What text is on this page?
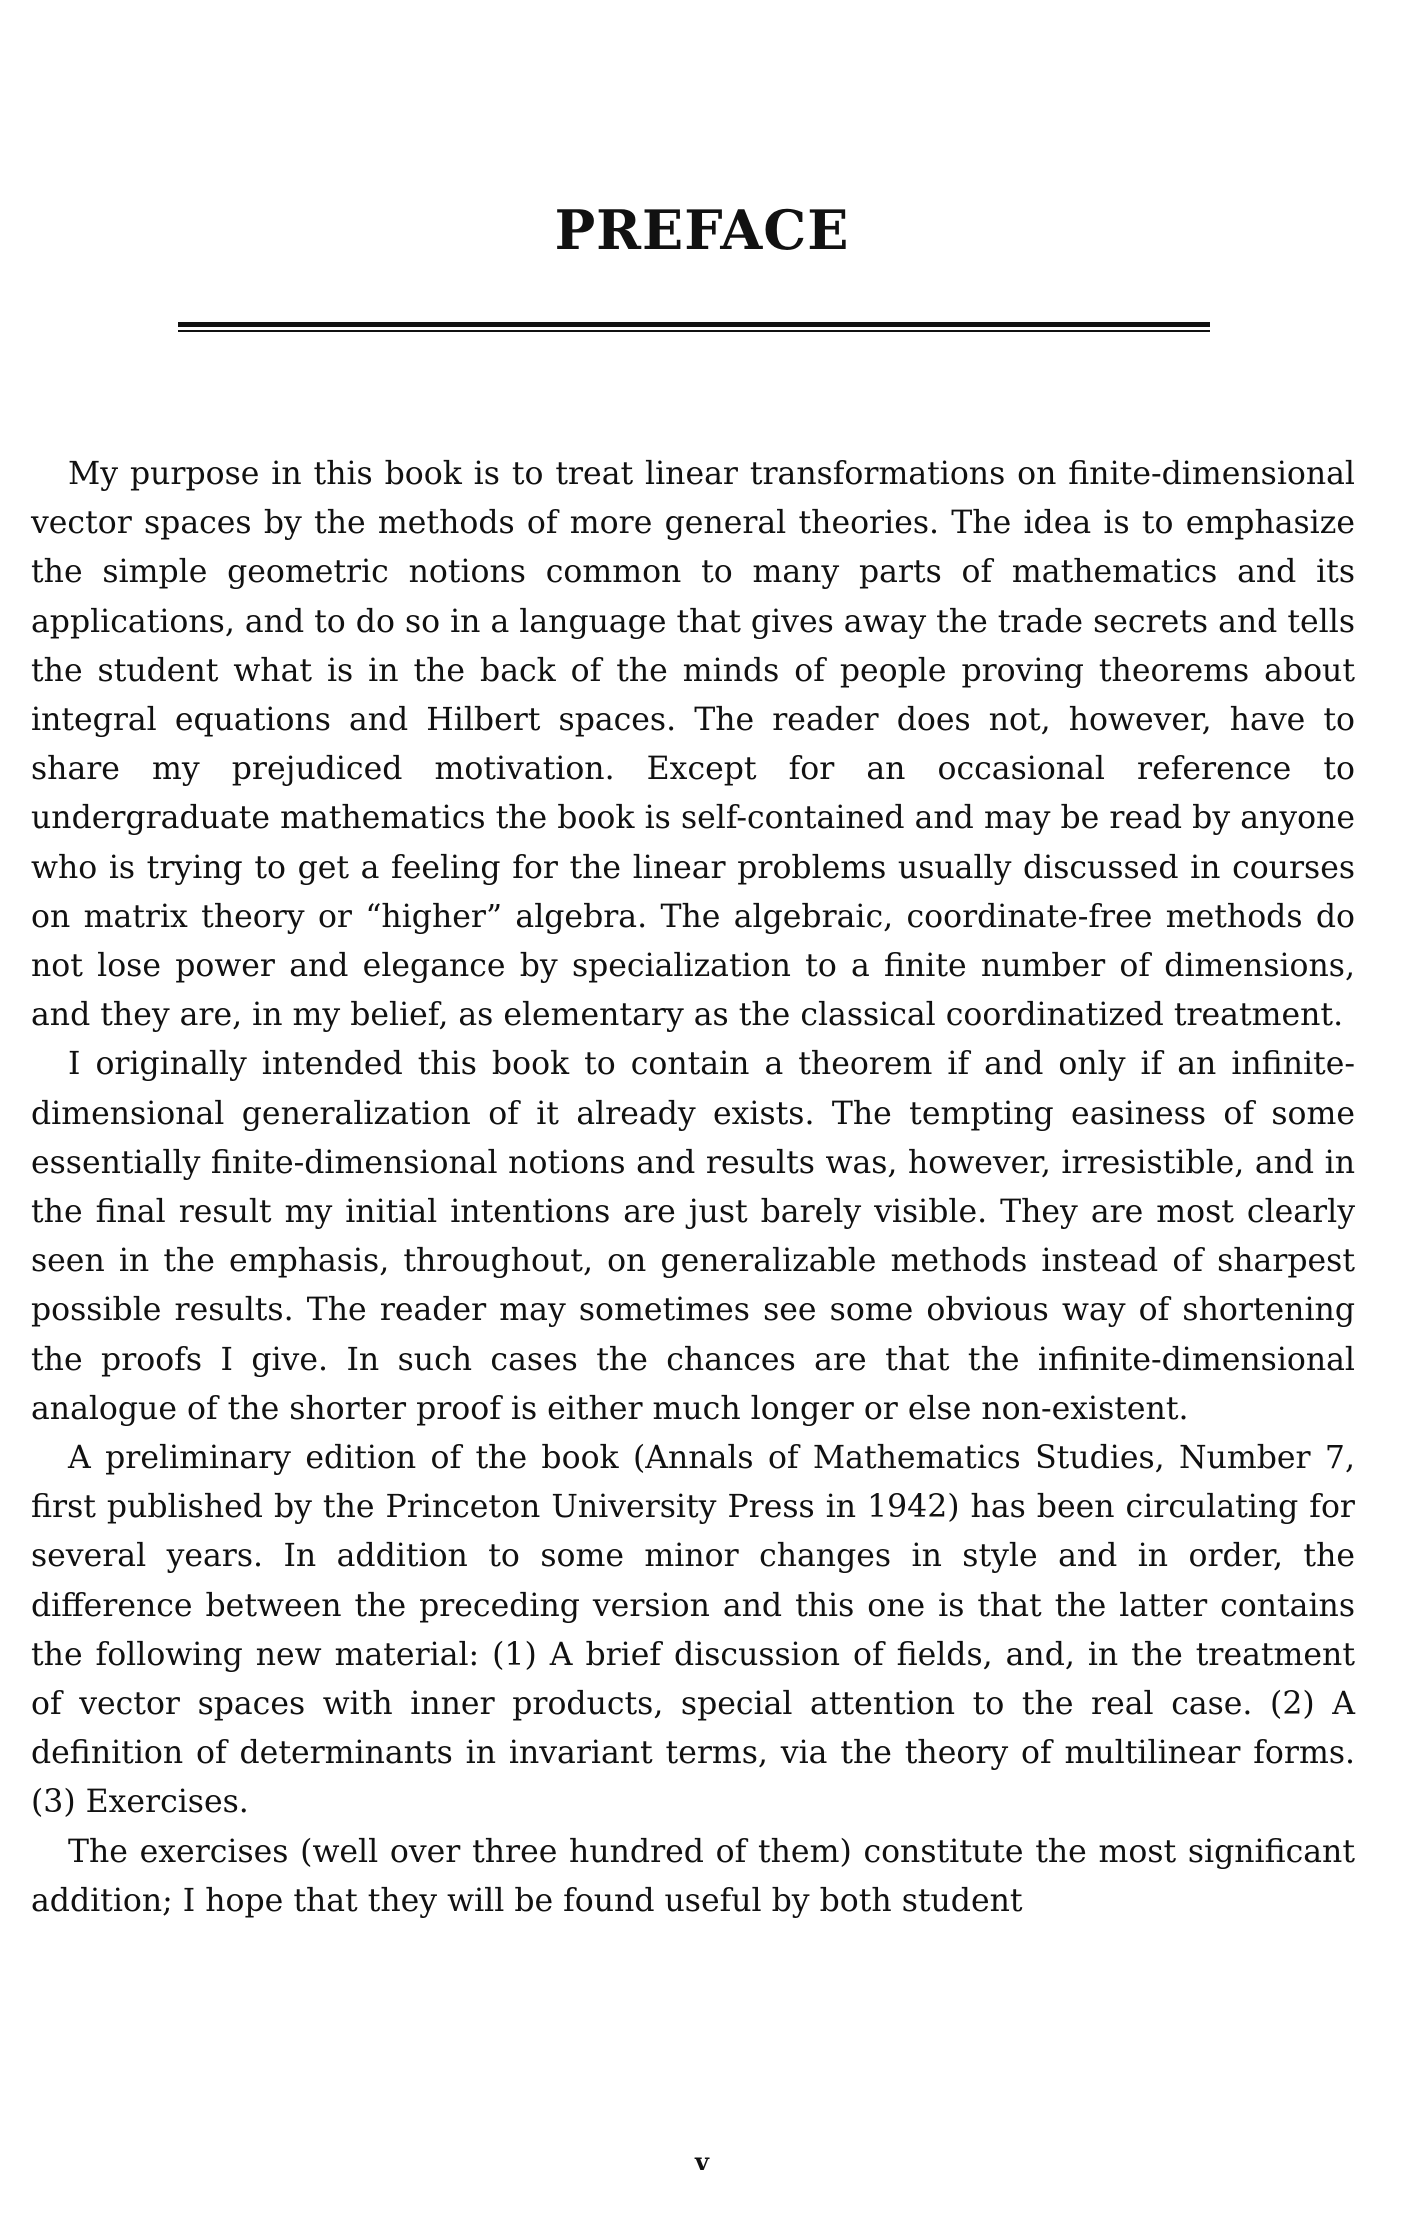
PREFACE

My purpose in this book is to treat linear transformations on finite-dimensional vector spaces by the methods of more general theories. The idea is to emphasize the simple geometric notions common to many parts of mathematics and its applications, and to do so in a language that gives away the trade secrets and tells the student what is in the back of the minds of people proving theorems about integral equations and Hilbert spaces. The reader does not, however, have to share my prejudiced motivation. Except for an occasional reference to undergraduate mathematics the book is self-contained and may be read by anyone who is trying to get a feeling for the linear problems usually discussed in courses on matrix theory or “higher” algebra. The algebraic, coordinate-free methods do not lose power and elegance by specialization to a finite number of dimensions, and they are, in my belief, as elementary as the classical coordinatized treatment.

I originally intended this book to contain a theorem if and only if an infinite-dimensional generalization of it already exists. The tempting easiness of some essentially finite-dimensional notions and results was, however, irresistible, and in the final result my initial intentions are just barely visible. They are most clearly seen in the emphasis, throughout, on generalizable methods instead of sharpest possible results. The reader may sometimes see some obvious way of shortening the proofs I give. In such cases the chances are that the infinite-dimensional analogue of the shorter proof is either much longer or else non-existent.

A preliminary edition of the book (Annals of Mathematics Studies, Number 7, first published by the Princeton University Press in 1942) has been circulating for several years. In addition to some minor changes in style and in order, the difference between the preceding version and this one is that the latter contains the following new material: (1) A brief discussion of fields, and, in the treatment of vector spaces with inner products, special attention to the real case. (2) A definition of determinants in invariant terms, via the theory of multilinear forms. (3) Exercises.

The exercises (well over three hundred of them) constitute the most significant addition; I hope that they will be found useful by both student

v
